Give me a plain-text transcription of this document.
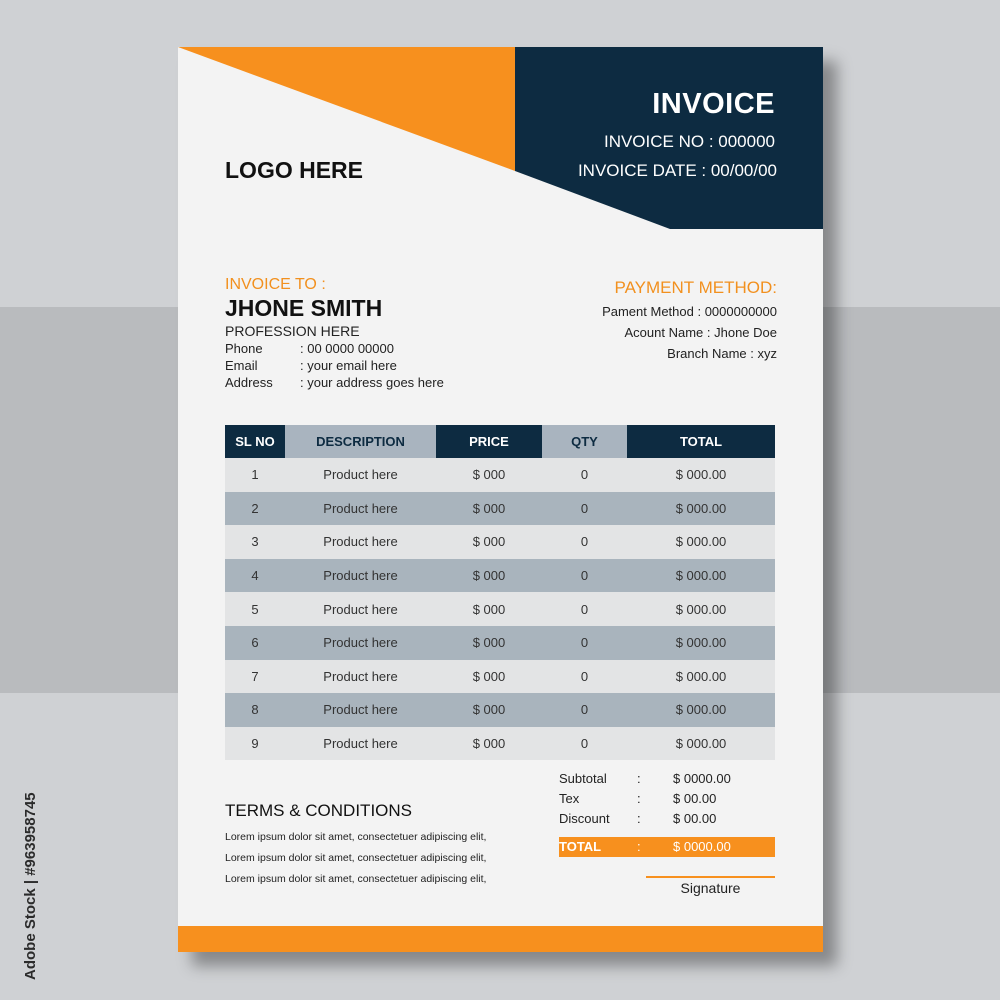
Adobe Stock | #963958745
INVOICE
INVOICE NO : 000000
INVOICE DATE : 00/00/00
LOGO HERE
INVOICE TO :
JHONE SMITH
PROFESSION HERE
Phone	: 00 0000 00000
Email	: your email here
Address : your address goes here
PAYMENT METHOD:
Pament Method : 0000000000
Acount Name : Jhone Doe
Branch Name : xyz
SL NO	DESCRIPTION	PRICE	QTY	TOTAL
1	Product here	$ 000	0	$ 000.00
2	Product here	$ 000	0	$ 000.00
3	Product here	$ 000	0	$ 000.00
4	Product here	$ 000	0	$ 000.00
5	Product here	$ 000	0	$ 000.00
6	Product here	$ 000	0	$ 000.00
7	Product here	$ 000	0	$ 000.00
8	Product here	$ 000	0	$ 000.00
9	Product here	$ 000	0	$ 000.00
Subtotal : $ 0000.00
Tex	: $ 00.00
Discount : $ 00.00
TOTAL	: $ 0000.00
TERMS & CONDITIONS
Lorem ipsum dolor sit amet, consectetuer adipiscing elit,
Lorem ipsum dolor sit amet, consectetuer adipiscing elit,
Lorem ipsum dolor sit amet, consectetuer adipiscing elit,
Signature
